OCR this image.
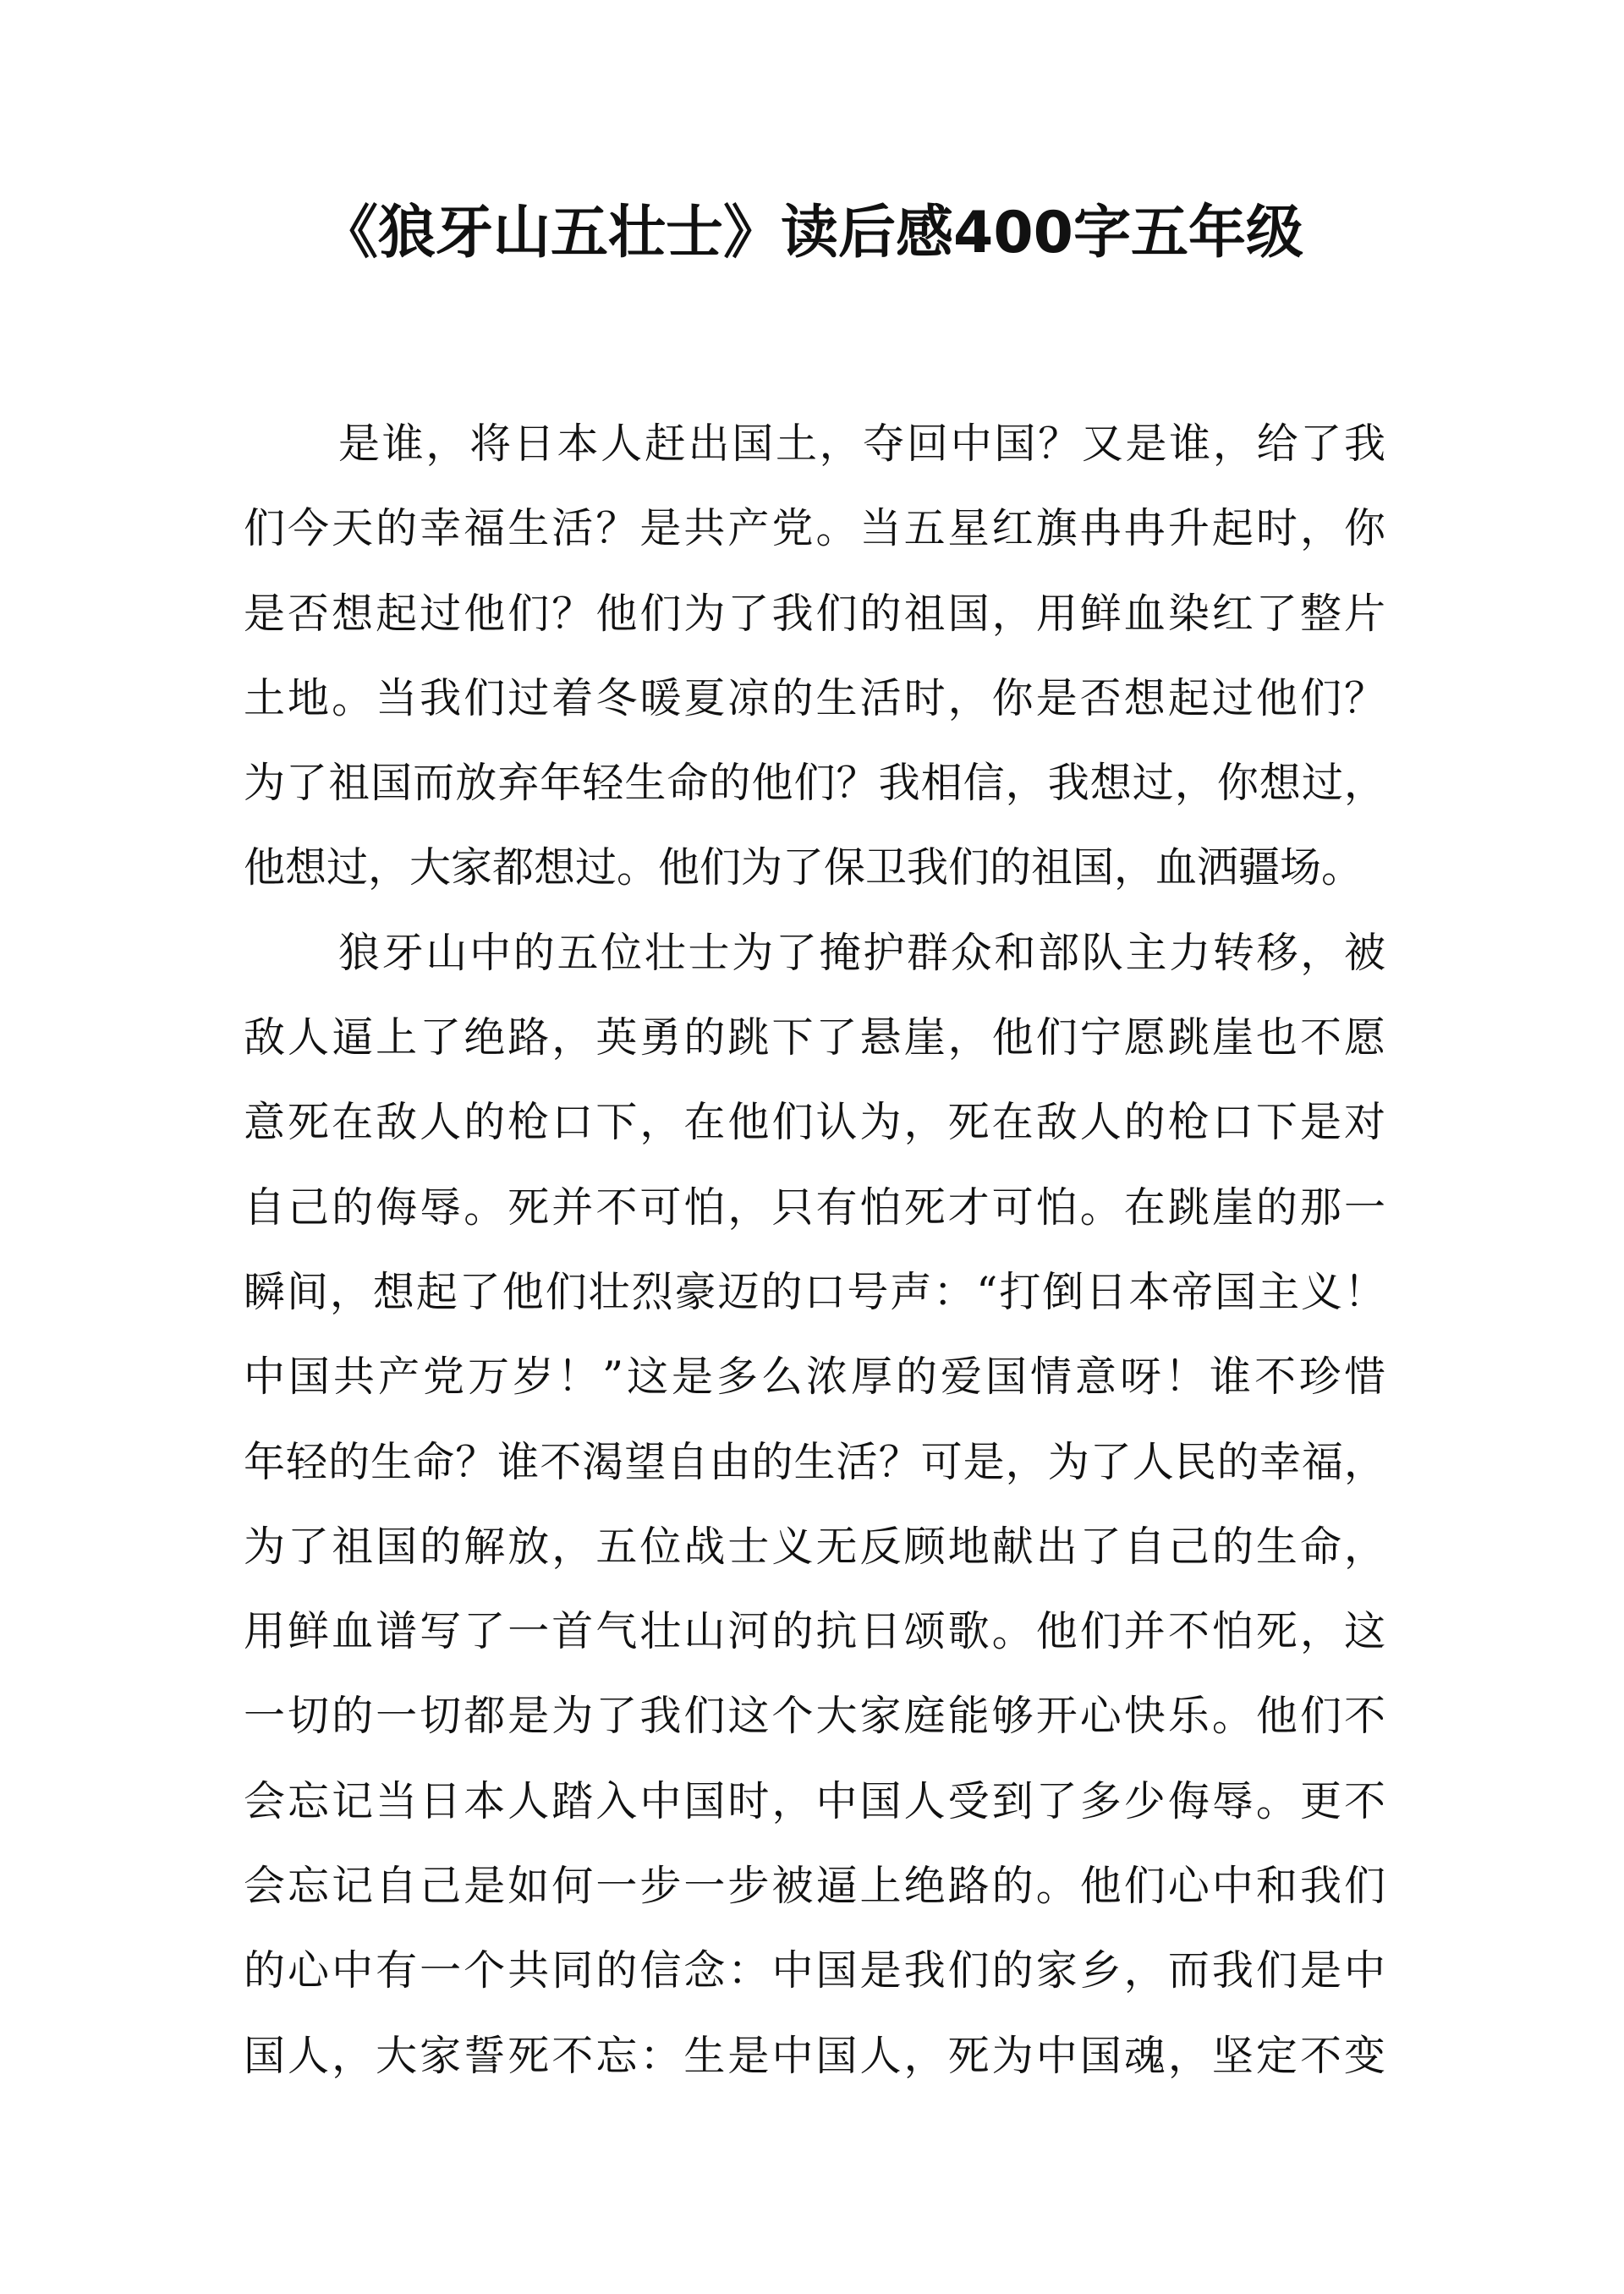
《狼牙山五壮士》读后感400字五年级
是谁，将日本人赶出国土，夺回中国？又是谁，给了我
们今天的幸福生活？是共产党。当五星红旗冉冉升起时，你
是否想起过他们？他们为了我们的祖国，用鲜血染红了整片
土地。当我们过着冬暖夏凉的生活时，你是否想起过他们？
为了祖国而放弃年轻生命的他们？我相信，我想过，你想过，
他想过，大家都想过。他们为了保卫我们的祖国，血洒疆场。
狼牙山中的五位壮士为了掩护群众和部队主力转移，被
敌人逼上了绝路，英勇的跳下了悬崖，他们宁愿跳崖也不愿
意死在敌人的枪口下，在他们认为，死在敌人的枪口下是对
自己的侮辱。死并不可怕，只有怕死才可怕。在跳崖的那一
瞬间，想起了他们壮烈豪迈的口号声：“打倒日本帝国主义！
中国共产党万岁！”这是多么浓厚的爱国情意呀！谁不珍惜
年轻的生命？谁不渴望自由的生活？可是，为了人民的幸福，
为了祖国的解放，五位战士义无反顾地献出了自己的生命，
用鲜血谱写了一首气壮山河的抗日颂歌。他们并不怕死，这
一切的一切都是为了我们这个大家庭能够开心快乐。他们不
会忘记当日本人踏入中国时，中国人受到了多少侮辱。更不
会忘记自己是如何一步一步被逼上绝路的。他们心中和我们
的心中有一个共同的信念：中国是我们的家乡，而我们是中
国人，大家誓死不忘：生是中国人，死为中国魂，坚定不变
